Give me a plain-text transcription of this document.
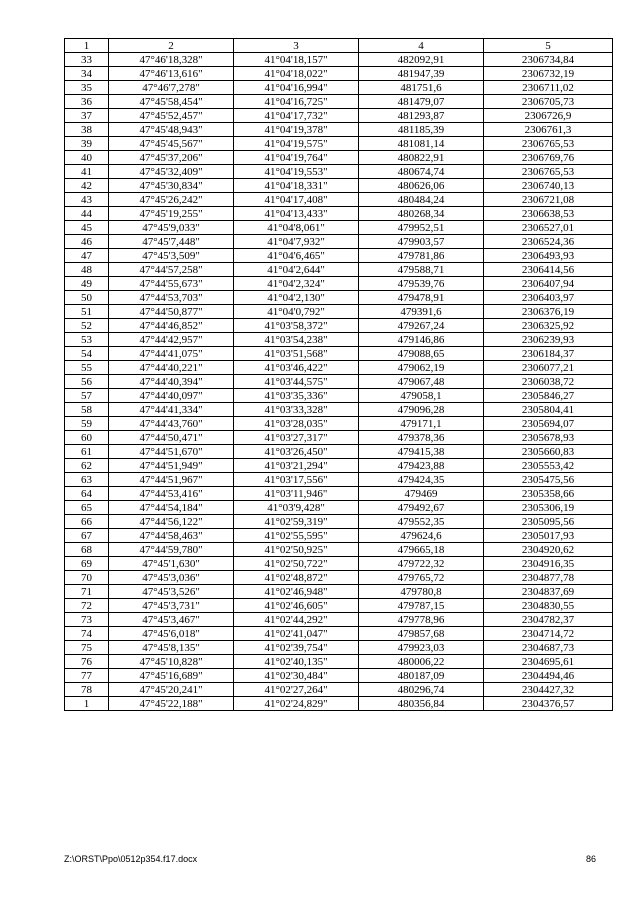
1	2	3	4	5
33	47°46'18,328"	41°04'18,157"	482092,91	2306734,84
34	47°46'13,616"	41°04'18,022"	481947,39	2306732,19
35	47°46'7,278"	41°04'16,994"	481751,6	2306711,02
36	47°45'58,454"	41°04'16,725"	481479,07	2306705,73
37	47°45'52,457"	41°04'17,732"	481293,87	2306726,9
38	47°45'48,943"	41°04'19,378"	481185,39	2306761,3
39	47°45'45,567"	41°04'19,575"	481081,14	2306765,53
40	47°45'37,206"	41°04'19,764"	480822,91	2306769,76
41	47°45'32,409"	41°04'19,553"	480674,74	2306765,53
42	47°45'30,834"	41°04'18,331"	480626,06	2306740,13
43	47°45'26,242"	41°04'17,408"	480484,24	2306721,08
44	47°45'19,255"	41°04'13,433"	480268,34	2306638,53
45	47°45'9,033"	41°04'8,061"	479952,51	2306527,01
46	47°45'7,448"	41°04'7,932"	479903,57	2306524,36
47	47°45'3,509"	41°04'6,465"	479781,86	2306493,93
48	47°44'57,258"	41°04'2,644"	479588,71	2306414,56
49	47°44'55,673"	41°04'2,324"	479539,76	2306407,94
50	47°44'53,703"	41°04'2,130"	479478,91	2306403,97
51	47°44'50,877"	41°04'0,792"	479391,6	2306376,19
52	47°44'46,852"	41°03'58,372"	479267,24	2306325,92
53	47°44'42,957"	41°03'54,238"	479146,86	2306239,93
54	47°44'41,075"	41°03'51,568"	479088,65	2306184,37
55	47°44'40,221"	41°03'46,422"	479062,19	2306077,21
56	47°44'40,394"	41°03'44,575"	479067,48	2306038,72
57	47°44'40,097"	41°03'35,336"	479058,1	2305846,27
58	47°44'41,334"	41°03'33,328"	479096,28	2305804,41
59	47°44'43,760"	41°03'28,035"	479171,1	2305694,07
60	47°44'50,471"	41°03'27,317"	479378,36	2305678,93
61	47°44'51,670"	41°03'26,450"	479415,38	2305660,83
62	47°44'51,949"	41°03'21,294"	479423,88	2305553,42
63	47°44'51,967"	41°03'17,556"	479424,35	2305475,56
64	47°44'53,416"	41°03'11,946"	479469	2305358,66
65	47°44'54,184"	41°03'9,428"	479492,67	2305306,19
66	47°44'56,122"	41°02'59,319"	479552,35	2305095,56
67	47°44'58,463"	41°02'55,595"	479624,6	2305017,93
68	47°44'59,780"	41°02'50,925"	479665,18	2304920,62
69	47°45'1,630"	41°02'50,722"	479722,32	2304916,35
70	47°45'3,036"	41°02'48,872"	479765,72	2304877,78
71	47°45'3,526"	41°02'46,948"	479780,8	2304837,69
72	47°45'3,731"	41°02'46,605"	479787,15	2304830,55
73	47°45'3,467"	41°02'44,292"	479778,96	2304782,37
74	47°45'6,018"	41°02'41,047"	479857,68	2304714,72
75	47°45'8,135"	41°02'39,754"	479923,03	2304687,73
76	47°45'10,828"	41°02'40,135"	480006,22	2304695,61
77	47°45'16,689"	41°02'30,484"	480187,09	2304494,46
78	47°45'20,241"	41°02'27,264"	480296,74	2304427,32
1	47°45'22,188"	41°02'24,829"	480356,84	2304376,57
Z:\ORST\Ppo\0512p354.f17.docx	86
